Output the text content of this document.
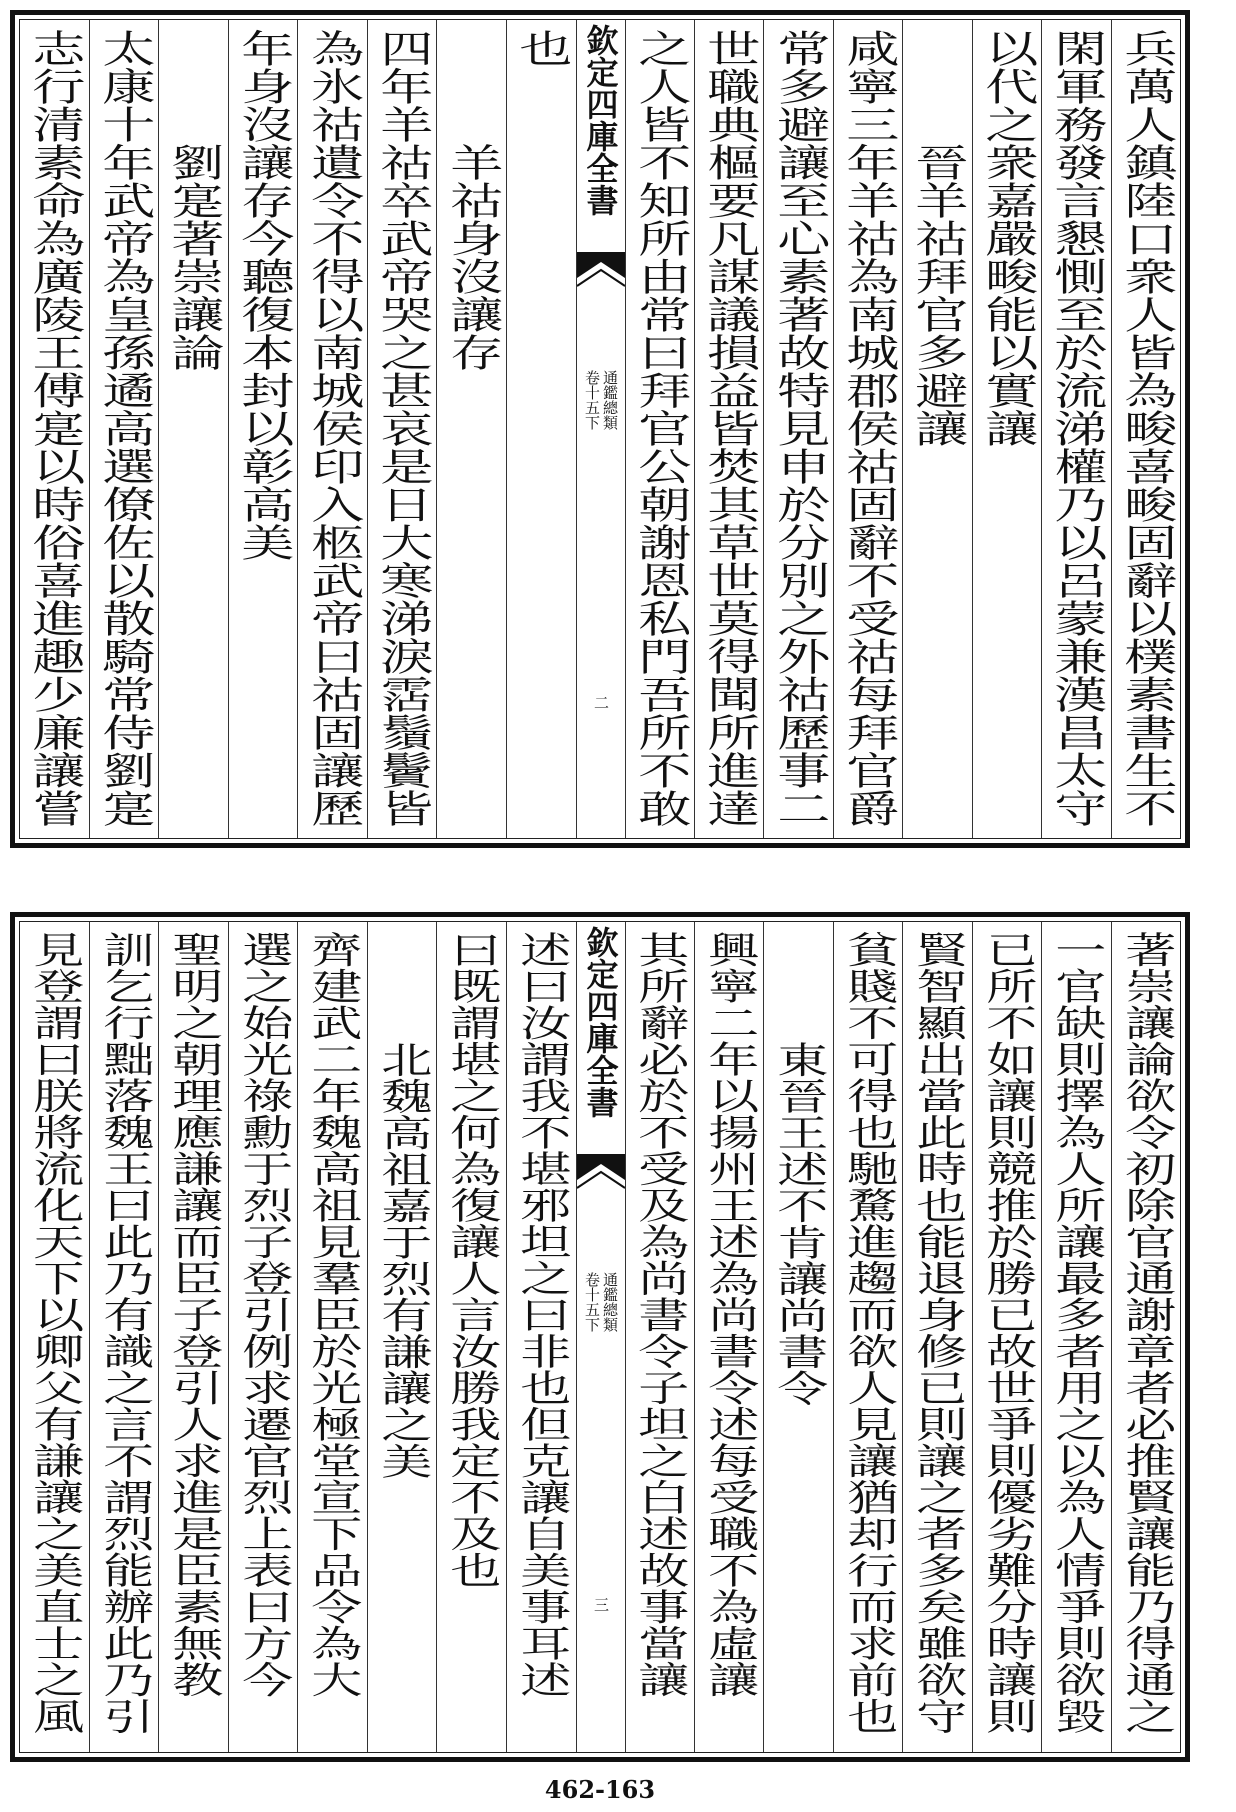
兵萬人鎮陸口衆人皆為畯喜畯固辭以樸素書生不
閑軍務發言懇惻至於流涕權乃以呂蒙兼漢昌太守
以代之衆嘉嚴畯能以實讓
晉羊祜拜官多避讓
咸寧三年羊祜為南城郡侯祜固辭不受祜每拜官爵
常多避讓至心素著故特見申於分別之外祜歷事二
世職典樞要凡謀議損益皆焚其草世莫得聞所進達
之人皆不知所由常曰拜官公朝謝恩私門吾所不敢
欽定四庫全書
通鑑總類
卷十五下
二
也
羊祜身沒讓存
四年羊祜卒武帝哭之甚哀是日大寒涕淚霑鬚鬢皆
為氷祜遺令不得以南城侯印入柩武帝曰祜固讓歷
年身沒讓存今聽復本封以彰高美
劉寔著崇讓論
太康十年武帝為皇孫遹高選僚佐以散騎常侍劉寔
志行清素命為廣陵王傅寔以時俗喜進趣少廉讓嘗
著崇讓論欲令初除官通謝章者必推賢讓能乃得通之
一官缺則擇為人所讓最多者用之以為人情爭則欲毀
已所不如讓則競推於勝已故世爭則優劣難分時讓則
賢智顯出當此時也能退身修已則讓之者多矣雖欲守
貧賤不可得也馳騖進趨而欲人見讓猶却行而求前也
東晉王述不肯讓尚書令
興寧二年以揚州王述為尚書令述每受職不為虛讓
其所辭必於不受及為尚書令子坦之白述故事當讓
欽定四庫全書
通鑑總類
卷十五下
三
述曰汝謂我不堪邪坦之曰非也但克讓自美事耳述
曰既謂堪之何為復讓人言汝勝我定不及也
北魏高祖嘉于烈有謙讓之美
齊建武二年魏高祖見羣臣於光極堂宣下品令為大
選之始光祿勳于烈子登引例求遷官烈上表曰方今
聖明之朝理應謙讓而臣子登引人求進是臣素無教
訓乞行黜落魏王曰此乃有識之言不謂烈能辦此乃引
見登謂曰朕將流化天下以卿父有謙讓之美直士之風
462-163
